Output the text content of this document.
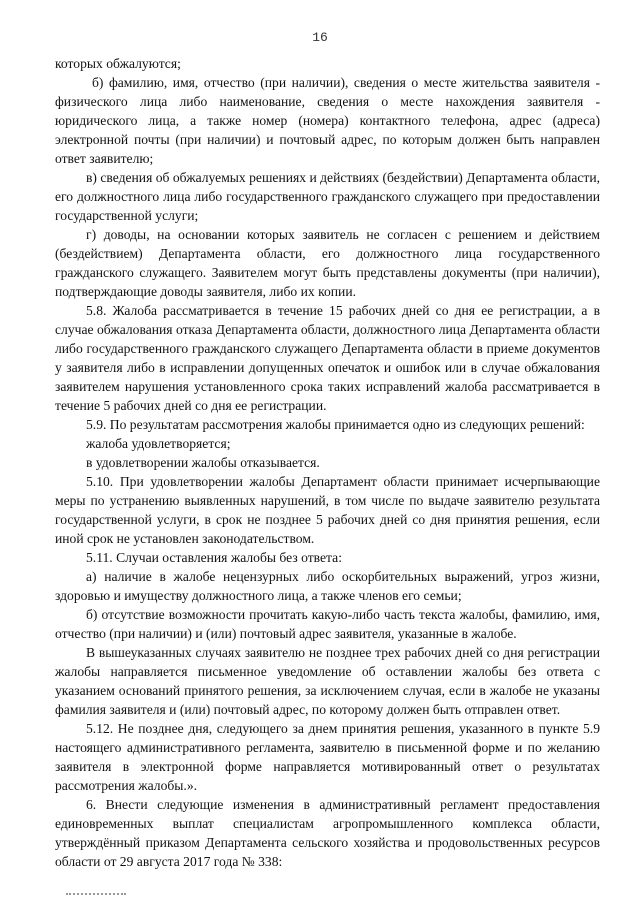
16

которых обжалуются;

б) фамилию, имя, отчество (при наличии), сведения о месте жительства заявителя - физического лица либо наименование, сведения о месте нахождения заявителя - юридического лица, а также номер (номера) контактного телефона, адрес (адреса) электронной почты (при наличии) и почтовый адрес, по которым должен быть направлен ответ заявителю;

в) сведения об обжалуемых решениях и действиях (бездействии) Департамента области, его должностного лица либо государственного гражданского служащего при предоставлении государственной услуги;

г) доводы, на основании которых заявитель не согласен с решением и действием (бездействием) Департамента области, его должностного лица государственного гражданского служащего. Заявителем могут быть представлены документы (при наличии), подтверждающие доводы заявителя, либо их копии.

5.8. Жалоба рассматривается в течение 15 рабочих дней со дня ее регистрации, а в случае обжалования отказа Департамента области, должностного лица Департамента области либо государственного гражданского служащего Департамента области в приеме документов у заявителя либо в исправлении допущенных опечаток и ошибок или в случае обжалования заявителем нарушения установленного срока таких исправлений жалоба рассматривается в течение 5 рабочих дней со дня ее регистрации.

5.9. По результатам рассмотрения жалобы принимается одно из следующих решений:

жалоба удовлетворяется;

в удовлетворении жалобы отказывается.

5.10. При удовлетворении жалобы Департамент области принимает исчерпывающие меры по устранению выявленных нарушений, в том числе по выдаче заявителю результата государственной услуги, в срок не позднее 5 рабочих дней со дня принятия решения, если иной срок не установлен законодательством.

5.11. Случаи оставления жалобы без ответа:

а) наличие в жалобе нецензурных либо оскорбительных выражений, угроз жизни, здоровью и имуществу должностного лица, а также членов его семьи;

б) отсутствие возможности прочитать какую-либо часть текста жалобы, фамилию, имя, отчество (при наличии) и (или) почтовый адрес заявителя, указанные в жалобе.

В вышеуказанных случаях заявителю не позднее трех рабочих дней со дня регистрации жалобы направляется письменное уведомление об оставлении жалобы без ответа с указанием оснований принятого решения, за исключением случая, если в жалобе не указаны фамилия заявителя и (или) почтовый адрес, по которому должен быть отправлен ответ.

5.12. Не позднее дня, следующего за днем принятия решения, указанного в пункте 5.9 настоящего административного регламента, заявителю в письменной форме и по желанию заявителя в электронной форме направляется мотивированный ответ о результатах рассмотрения жалобы.».

6. Внести следующие изменения в административный регламент предоставления единовременных выплат специалистам агропромышленного комплекса области, утверждённый приказом Департамента сельского хозяйства и продовольственных ресурсов области от 29 августа 2017 года № 338:
